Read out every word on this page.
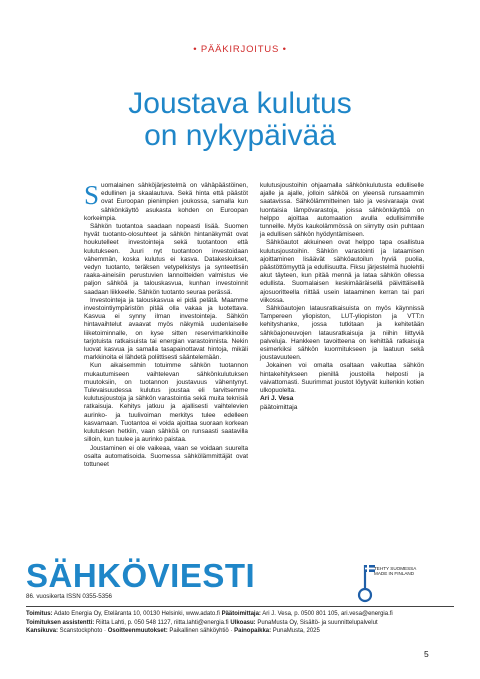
• PÄÄKIRJOITUS •
Joustava kulutus
on nykypäivää

Suomalainen sähköjärjestelmä on vähäpäästöinen, edullinen ja skaalautuva. Sekä hinta että päästöt ovat Euroopan pienimpien joukossa, samalla kun sähkönkäyttö asukasta kohden on Euroopan korkeimpia.

Sähkön tuotantoa saadaan nopeasti lisää. Suomen hyvät tuotanto-olosuhteet ja sähkön hintanäkymät ovat houkutelleet investointeja sekä tuotantoon että kulutukseen. Juuri nyt tuotantoon investoidaan vähemmän, koska kulutus ei kasva. Datakeskukset, vedyn tuotanto, teräksen vetypelkistys ja synteettisiin raaka-aineisiin perustuvien lannoitteiden valmistus vie paljon sähköä ja talouskasvua, kunhan investoinnit saadaan liikkeelle. Sähkön tuotanto seuraa perässä.

Investointeja ja talouskasvua ei pidä pelätä. Maamme investointiympäristön pitää olla vakaa ja luotettava. Kasvua ei synny ilman investointeja. Sähkön hintavaihtelut avaavat myös näkymiä uudenlaiselle liiketoiminnalle, on kyse sitten reservimarkkinoille tarjotuista ratkaisuista tai energian varastoinnista. Nekin luovat kasvua ja samalla tasapainottavat hintoja, mikäli markkinoita ei lähdetä poliittisesti sääntelemään.

Kun aikaisemmin totuimme sähkön tuotannon mukautumiseen vaihtelevan sähkönkulutuksen muutoksiin, on tuotannon joustavuus vähentynyt. Tulevaisuudessa kulutus joustaa eli tarvitsemme kulutusjoustoja ja sähkön varastointia sekä muita teknisiä ratkaisuja. Kehitys jatkuu ja ajallisesti vaihtelevien aurinko- ja tuulivoiman merkitys tulee edelleen kasvamaan. Tuotantoa ei voida ajoittaa suoraan korkean kulutuksen hetkiin, vaan sähköä on runsaasti saatavilla silloin, kun tuulee ja aurinko paistaa.

Joustaminen ei ole vaikeaa, vaan se voidaan suurelta osalta automatisoida. Suomessa sähkölämmittäjät ovat tottuneet

kulutusjoustoihin ohjaamalla sähkönkulutusta edulliselle ajalle ja ajalle, jolloin sähköä on yleensä runsaammin saatavissa. Sähkölämmitteinen talo ja vesivaraaja ovat luontaisia lämpövarastoja, joissa sähkönkäyttöä on helppo ajoittaa automaation avulla edullisimmille tunneille. Myös kaukolämmössä on siirrytty osin puhtaan ja edullisen sähkön hyödyntämiseen.

Sähköautot akkuineen ovat helppo tapa osallistua kulutusjoustoihin. Sähkön varastointi ja lataamisen ajoittaminen lisäävät sähköautoilun hyviä puolia, päästöttömyyttä ja edullisuutta. Fiksu järjestelmä huolehtii akut täyteen, kun pitää mennä ja lataa sähkön ollessa edullista. Suomalaisen keskimääräisellä päivittäisellä ajosuoritteella riittää usein lataaminen kerran tai pari viikossa.

Sähköautojen latausratkaisuista on myös käynnissä Tampereen yliopiston, LUT-yliopiston ja VTT:n kehityshanke, jossa tutkitaan ja kehitetään sähköajoneuvojen latausratkaisuja ja niihin liittyviä palveluja. Hankkeen tavoitteena on kehittää ratkaisuja esimerkiksi sähkön kuormitukseen ja laatuun sekä joustavuuteen.

Jokainen voi omalta osaltaan vaikuttaa sähkön hintakehitykseen pienillä joustoilla helposti ja vaivattomasti. Suurimmat joustot löytyvät kuitenkin kotien ulkopuolelta.

Ari J. Vesa

päätoimittaja

SÄHKÖVIESTI
86. vuosikerta ISSN 0355-5356
TEHTY SUOMESSA
MADE IN FINLAND
Toimitus: Adato Energia Oy, Eteläranta 10, 00130 Helsinki, www.adato.fi Päätoimittaja: Ari J. Vesa, p. 0500 801 105, ari.vesa@energia.fi
Toimituksen assistentti: Riitta Lahti, p. 050 548 1127, riitta.lahti@energia.fi Ulkoasu: PunaMusta Oy, Sisältö- ja suunnittelupalvelut
Kansikuva: Scanstockphoto · Osoitteenmuutokset: Paikallinen sähköyhtiö · Painopaikka: PunaMusta, 2025
5
